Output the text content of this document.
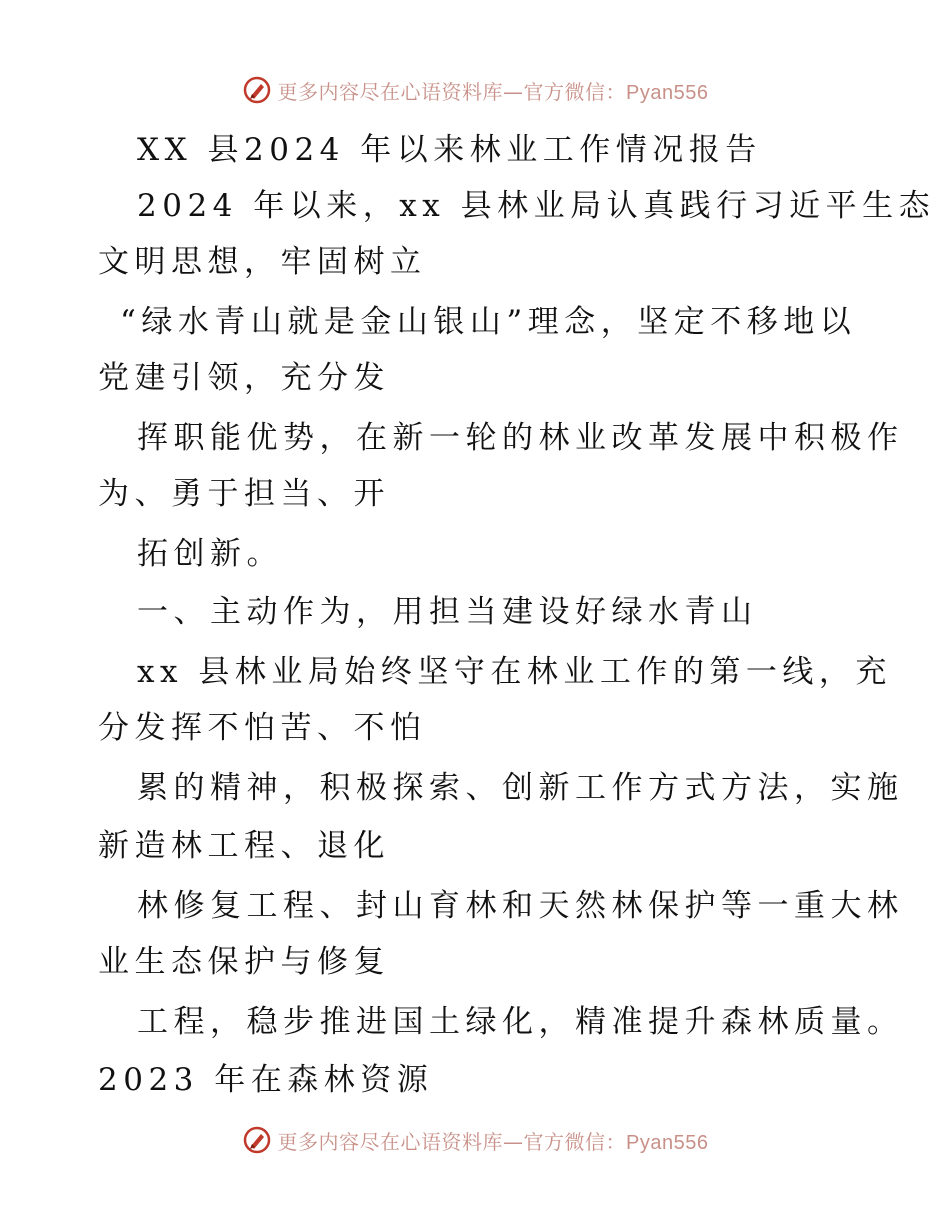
更多内容尽在心语资料库—官方微信：Pyan556
XX 县2024 年以来林业工作情况报告
2024 年以来，xx 县林业局认真践行习近平生态
文明思想，牢固树立
“绿水青山就是金山银山”理念，坚定不移地以
党建引领，充分发
挥职能优势，在新一轮的林业改革发展中积极作
为、勇于担当、开
拓创新。
一、主动作为，用担当建设好绿水青山
xx 县林业局始终坚守在林业工作的第一线，充
分发挥不怕苦、不怕
累的精神，积极探索、创新工作方式方法，实施
新造林工程、退化
林修复工程、封山育林和天然林保护等一重大林
业生态保护与修复
工程，稳步推进国土绿化，精准提升森林质量。
2023 年在森林资源
更多内容尽在心语资料库—官方微信：Pyan556
